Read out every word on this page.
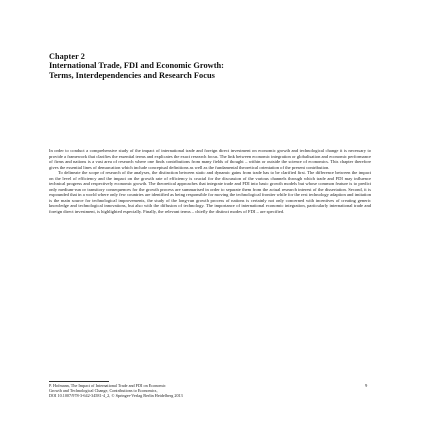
Chapter 2
International Trade, FDI and Economic Growth:
Terms, Interdependencies and Research Focus

In order to conduct a comprehensive study of the impact of international trade and foreign direct investment on economic growth and technological change it is necessary to provide a framework that clarifies the essential terms and explicates the exact research focus. The link between economic integration or globalisation and economic performance of firms and nations is a vast area of research where one finds contributions from many fields of thought – within or outside the science of economics. This chapter therefore gives the essential lines of demarcation which include conceptual definitions as well as the fundamental theoretical orientation of the present contribution.

To delineate the scope of research of the analyses, the distinction between static and dynamic gains from trade has to be clarified first. The difference between the impact on the level of efficiency and the impact on the growth rate of efficiency is crucial for the discussion of the various channels through which trade and FDI may influence technical progress and respectively economic growth. The theoretical approaches that integrate trade and FDI into basic growth models but whose common feature is to predict only medium-run or transitory consequences for the growth process are summarised in order to separate them from the actual research interest of the dissertation. Second, it is expounded that in a world where only few countries are identified as being responsible for moving the technological frontier while for the rest technology adaption and imitation is the main source for technological improvements, the study of the long-run growth process of nations is certainly not only concerned with incentives of creating generic knowledge and technological innovations, but also with the diffusion of technology. The importance of international economic integration, particularly international trade and foreign direct investment, is highlighted especially. Finally, the relevant terms – chiefly the distinct modes of FDI – are specified.

P. Hofmann, The Impact of International Trade and FDI on Economic
Growth and Technological Change, Contributions to Economics,
DOI 10.1007/978-3-642-34581-4_2, © Springer-Verlag Berlin Heidelberg 2013
9
